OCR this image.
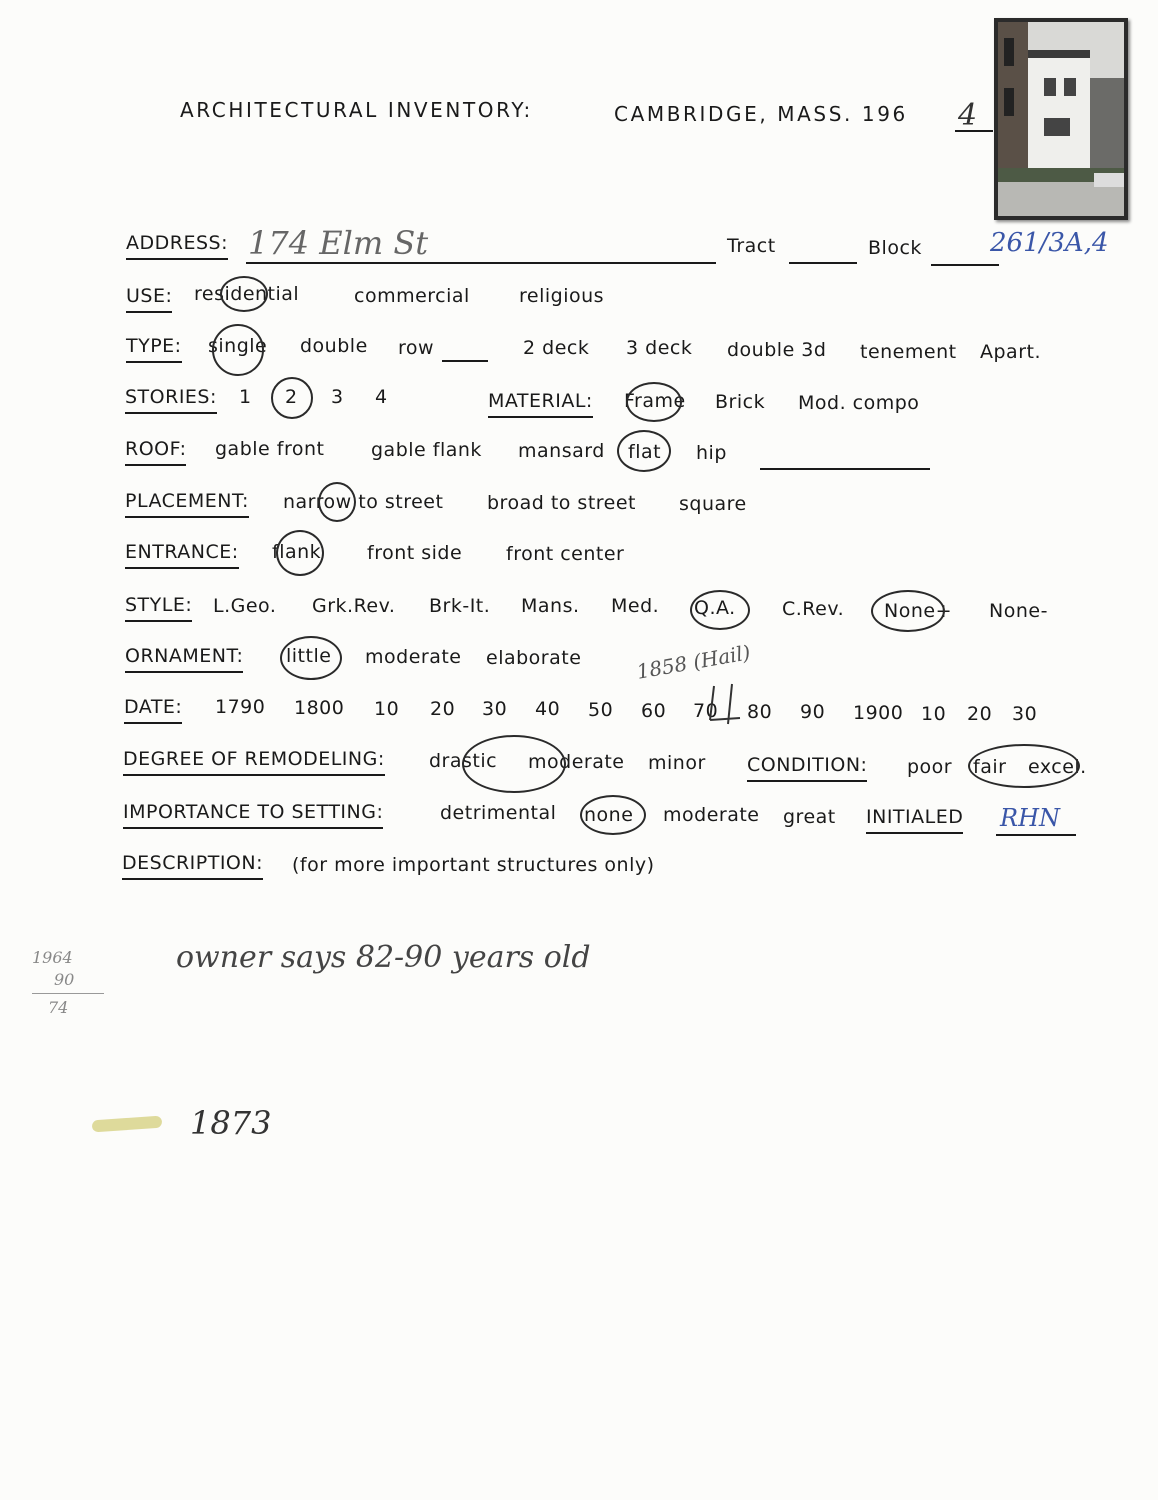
ARCHITECTURAL INVENTORY:	CAMBRIDGE, MASS. 196 4
ADDRESS: 174 Elm St	Tract	Block	261/3A,4
USE: residential	commercial	religious
TYPE: single double row	2 deck 3 deck double 3d tenement Apart.
STORIES: 1 2 3 4	MATERIAL: Frame Brick Mod. compo
ROOF: gable front gable flank mansard flat hip
PLACEMENT: narrow to street broad to street square
ENTRANCE: flank front side front center
STYLE: L.Geo. Grk.Rev. Brk-It. Mans. Med. Q.A. C.Rev. None+ None-
ORNAMENT: little moderate elaborate	1858 (Hail)
DATE: 1790 1800 10 20 30 40 50 60 70 80 90 1900 10 20 30
DEGREE OF REMODELING: drastic moderate minor CONDITION: poor fair excel.
IMPORTANCE TO SETTING:	detrimental none moderate great INITIALED RHN
DESCRIPTION: (for more important structures only)
owner says 82-90 years old
1964
90
74
1873
